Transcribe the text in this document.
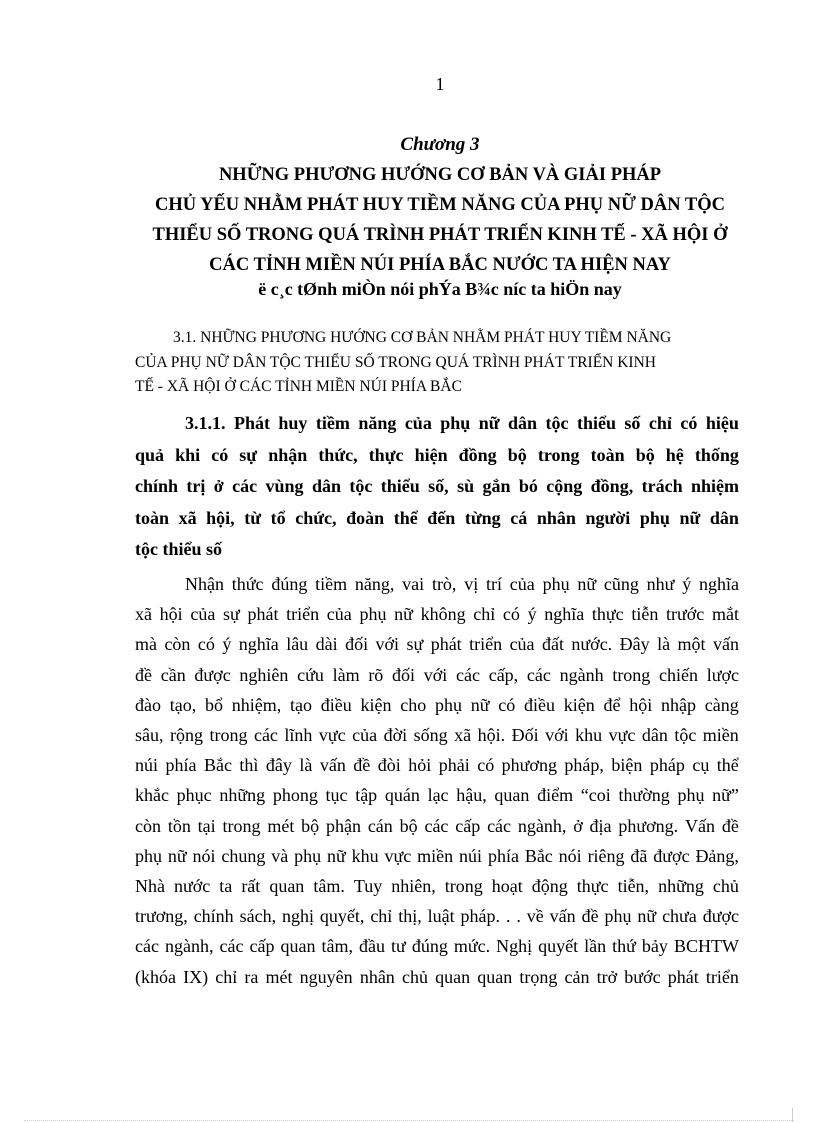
1
Chương 3
NHỮNG PHƯƠNG HƯỚNG CƠ BẢN VÀ GIẢI PHÁP
CHỦ YẾU NHẰM PHÁT HUY TIỀM NĂNG CỦA PHỤ NỮ DÂN TỘC
THIỂU SỐ TRONG QUÁ TRÌNH PHÁT TRIỂN KINH TẾ - XÃ HỘI Ở
CÁC TỈNH MIỀN NÚI PHÍA BẮC NƯỚC TA HIỆN NAY
ë c¸c tØnh miÒn nói phÝa B¾c níc ta hiÖn nay
3.1. NHỮNG PHƯƠNG HƯỚNG CƠ BẢN NHẰM PHÁT HUY TIỀM NĂNG
CỦA PHỤ NỮ DÂN TỘC THIỂU SỐ TRONG QUÁ TRÌNH PHÁT TRIỂN KINH
TẾ - XÃ HỘI Ở CÁC TỈNH MIỀN NÚI PHÍA BẮC
3.1.1. Phát huy tiềm năng của phụ nữ dân tộc thiểu số chỉ có hiệu
quả khi có sự nhận thức, thực hiện đồng bộ trong toàn bộ hệ thống
chính trị ở các vùng dân tộc thiểu số, sù gắn bó cộng đồng, trách nhiệm
toàn xã hội, từ tổ chức, đoàn thể đến từng cá nhân người phụ nữ dân
tộc thiểu số
Nhận thức đúng tiềm năng, vai trò, vị trí của phụ nữ cũng như ý nghĩa
xã hội của sự phát triển của phụ nữ không chỉ có ý nghĩa thực tiễn trước mắt
mà còn có ý nghĩa lâu dài đối với sự phát triển của đất nước. Đây là một vấn
đề cần được nghiên cứu làm rõ đối với các cấp, các ngành trong chiến lược
đào tạo, bổ nhiệm, tạo điều kiện cho phụ nữ có điều kiện để hội nhập càng
sâu, rộng trong các lĩnh vực của đời sống xã hội. Đối với khu vực dân tộc miền
núi phía Bắc thì đây là vấn đề đòi hỏi phải có phương pháp, biện pháp cụ thể
khắc phục những phong tục tập quán lạc hậu, quan điểm “coi thường phụ nữ”
còn tồn tại trong mét bộ phận cán bộ các cấp các ngành, ở địa phương. Vấn đề
phụ nữ nói chung và phụ nữ khu vực miền núi phía Bắc nói riêng đã được Đảng,
Nhà nước ta rất quan tâm. Tuy nhiên, trong hoạt động thực tiễn, những chủ
trương, chính sách, nghị quyết, chỉ thị, luật pháp. . . về vấn đề phụ nữ chưa được
các ngành, các cấp quan tâm, đầu tư đúng mức. Nghị quyết lần thứ bảy BCHTW
(khóa IX) chỉ ra mét nguyên nhân chủ quan quan trọng cản trở bước phát triển
